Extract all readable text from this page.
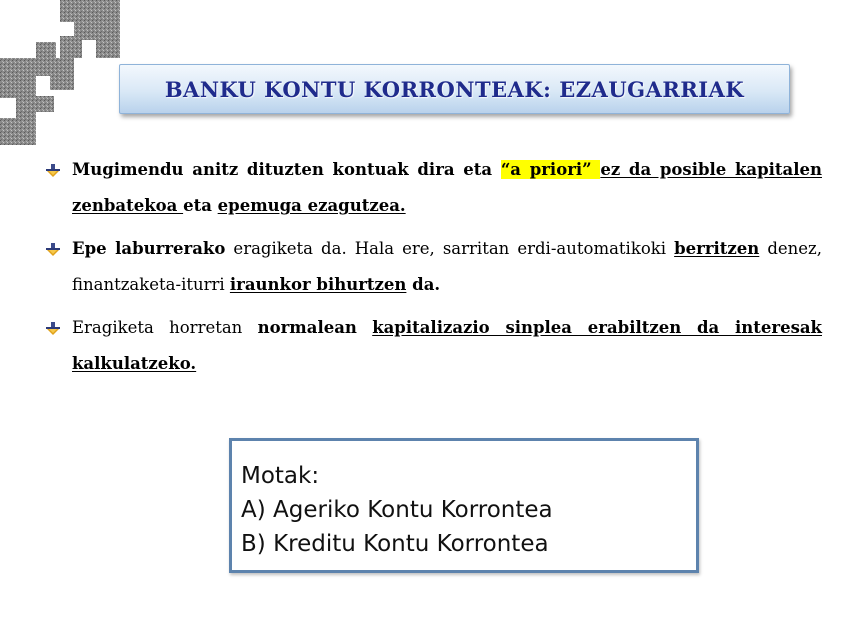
BANKU KONTU KORRONTEAK: EZAUGARRIAK
Mugimendu anitz dituzten kontuak dira eta “a priori” ez da posible kapitalen zenbatekoa eta epemuga ezagutzea.
Epe laburrerako eragiketa da. Hala ere, sarritan erdi-automatikoki berritzen denez, finantzaketa-iturri iraunkor bihurtzen da.
Eragiketa horretan normalean kapitalizazio sinplea erabiltzen da interesak kalkulatzeko.
Motak:
A) Ageriko Kontu Korrontea
B) Kreditu Kontu Korrontea
